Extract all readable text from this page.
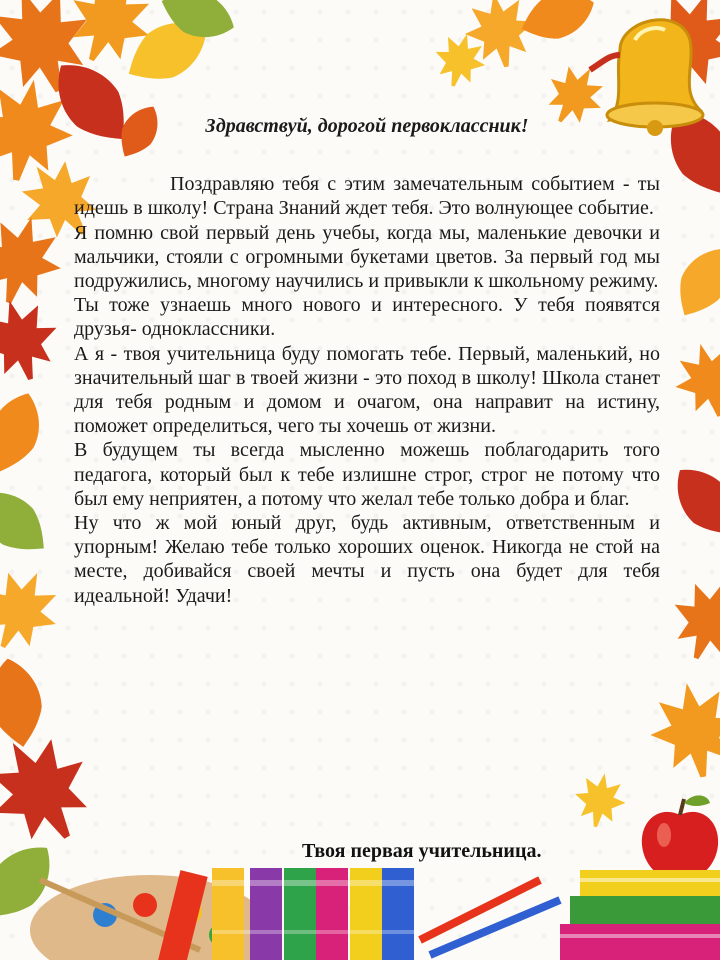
Здравствуй, дорогой первоклассник!

Поздравляю тебя с этим замечательным событием - ты идешь в школу! Страна Знаний ждет тебя. Это волнующее событие.

Я помню свой первый день учебы, когда мы, маленькие девочки и мальчики, стояли с огромными букетами цветов. За первый год мы подружились, многому научились и привыкли к школьному режиму.

Ты тоже узнаешь много нового и интересного. У тебя появятся друзья- одноклассники.

А я - твоя учительница буду помогать тебе. Первый, маленький, но значительный шаг в твоей жизни - это поход в школу! Школа станет для тебя родным и домом и очагом, она направит на истину, поможет определиться, чего ты хочешь от жизни.

В будущем ты всегда мысленно можешь поблагодарить того педагога, который был к тебе излишне строг, строг не потому что был ему неприятен, а потому что желал тебе только добра и благ.

Ну что ж мой юный друг, будь активным, ответственным и упорным! Желаю тебе только хороших оценок. Никогда не стой на месте, добивайся своей мечты и пусть она будет для тебя идеальной! Удачи!

Твоя первая учительница.
